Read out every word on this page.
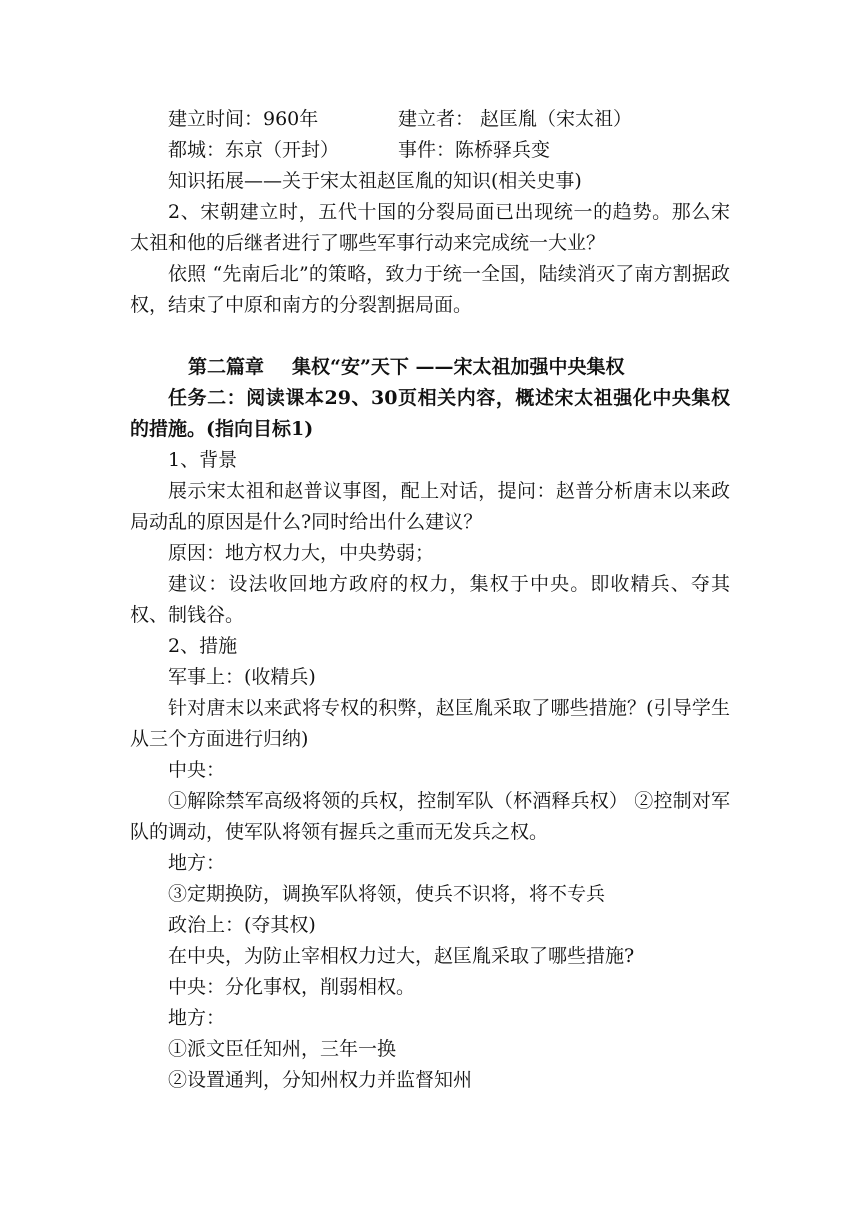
建立时间：960年	建立者： 赵匡胤（宋太祖）

都城：东京（开封）	事件：陈桥驿兵变

知识拓展——关于宋太祖赵匡胤的知识(相关史事)

2、宋朝建立时，五代十国的分裂局面已出现统一的趋势。那么宋太祖和他的后继者进行了哪些军事行动来完成统一大业？

依照 “先南后北”的策略，致力于统一全国，陆续消灭了南方割据政权，结束了中原和南方的分裂割据局面。

第二篇章 集权“安”天下 ——宋太祖加强中央集权

任务二：阅读课本29、30页相关内容，概述宋太祖强化中央集权的措施。(指向目标1)

1、背景

展示宋太祖和赵普议事图，配上对话，提问：赵普分析唐末以来政局动乱的原因是什么?同时给出什么建议？

原因：地方权力大，中央势弱；

建议：设法收回地方政府的权力，集权于中央。即收精兵、夺其权、制钱谷。

2、措施

军事上：(收精兵)

针对唐末以来武将专权的积弊，赵匡胤采取了哪些措施？(引导学生从三个方面进行归纳)

中央：

①解除禁军高级将领的兵权，控制军队（杯酒释兵权） ②控制对军队的调动，使军队将领有握兵之重而无发兵之权。

地方：

③定期换防，调换军队将领，使兵不识将，将不专兵

政治上：(夺其权)

在中央，为防止宰相权力过大，赵匡胤采取了哪些措施?

中央：分化事权，削弱相权。

地方：

①派文臣任知州，三年一换

②设置通判，分知州权力并监督知州
